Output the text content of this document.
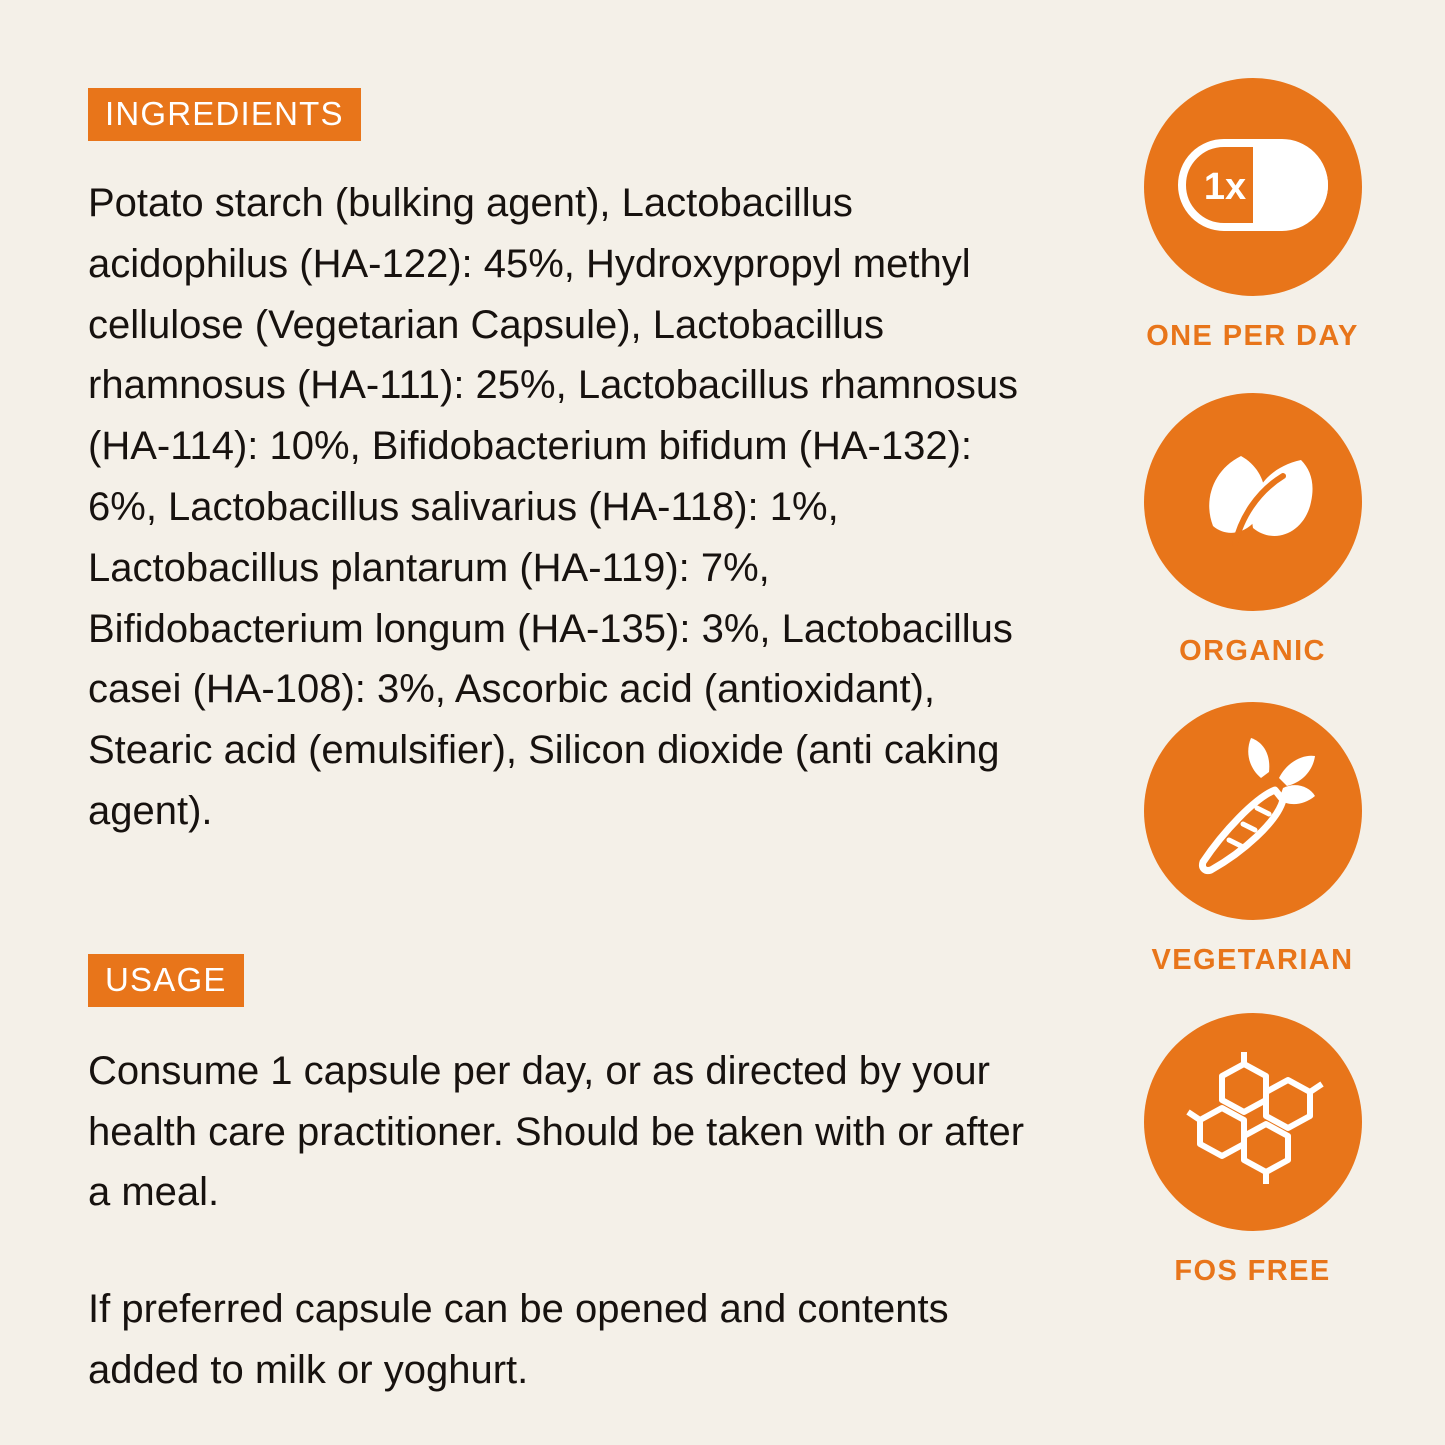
INGREDIENTS

Potato starch (bulking agent), Lactobacillus acidophilus (HA-122): 45%, Hydroxypropyl methyl cellulose (Vegetarian Capsule), Lactobacillus rhamnosus (HA-111): 25%, Lactobacillus rhamnosus (HA-114): 10%, Bifidobacterium bifidum (HA-132): 6%, Lactobacillus salivarius (HA-118): 1%, Lactobacillus plantarum (HA-119): 7%, Bifidobacterium longum (HA-135): 3%, Lactobacillus casei (HA-108): 3%, Ascorbic acid (antioxidant), Stearic acid (emulsifier), Silicon dioxide (anti caking agent).

USAGE

Consume 1 capsule per day, or as directed by your health care practitioner. Should be taken with or after a meal.

If preferred capsule can be opened and contents added to milk or yoghurt.

1x
ONE PER DAY
ORGANIC
VEGETARIAN
FOS FREE
